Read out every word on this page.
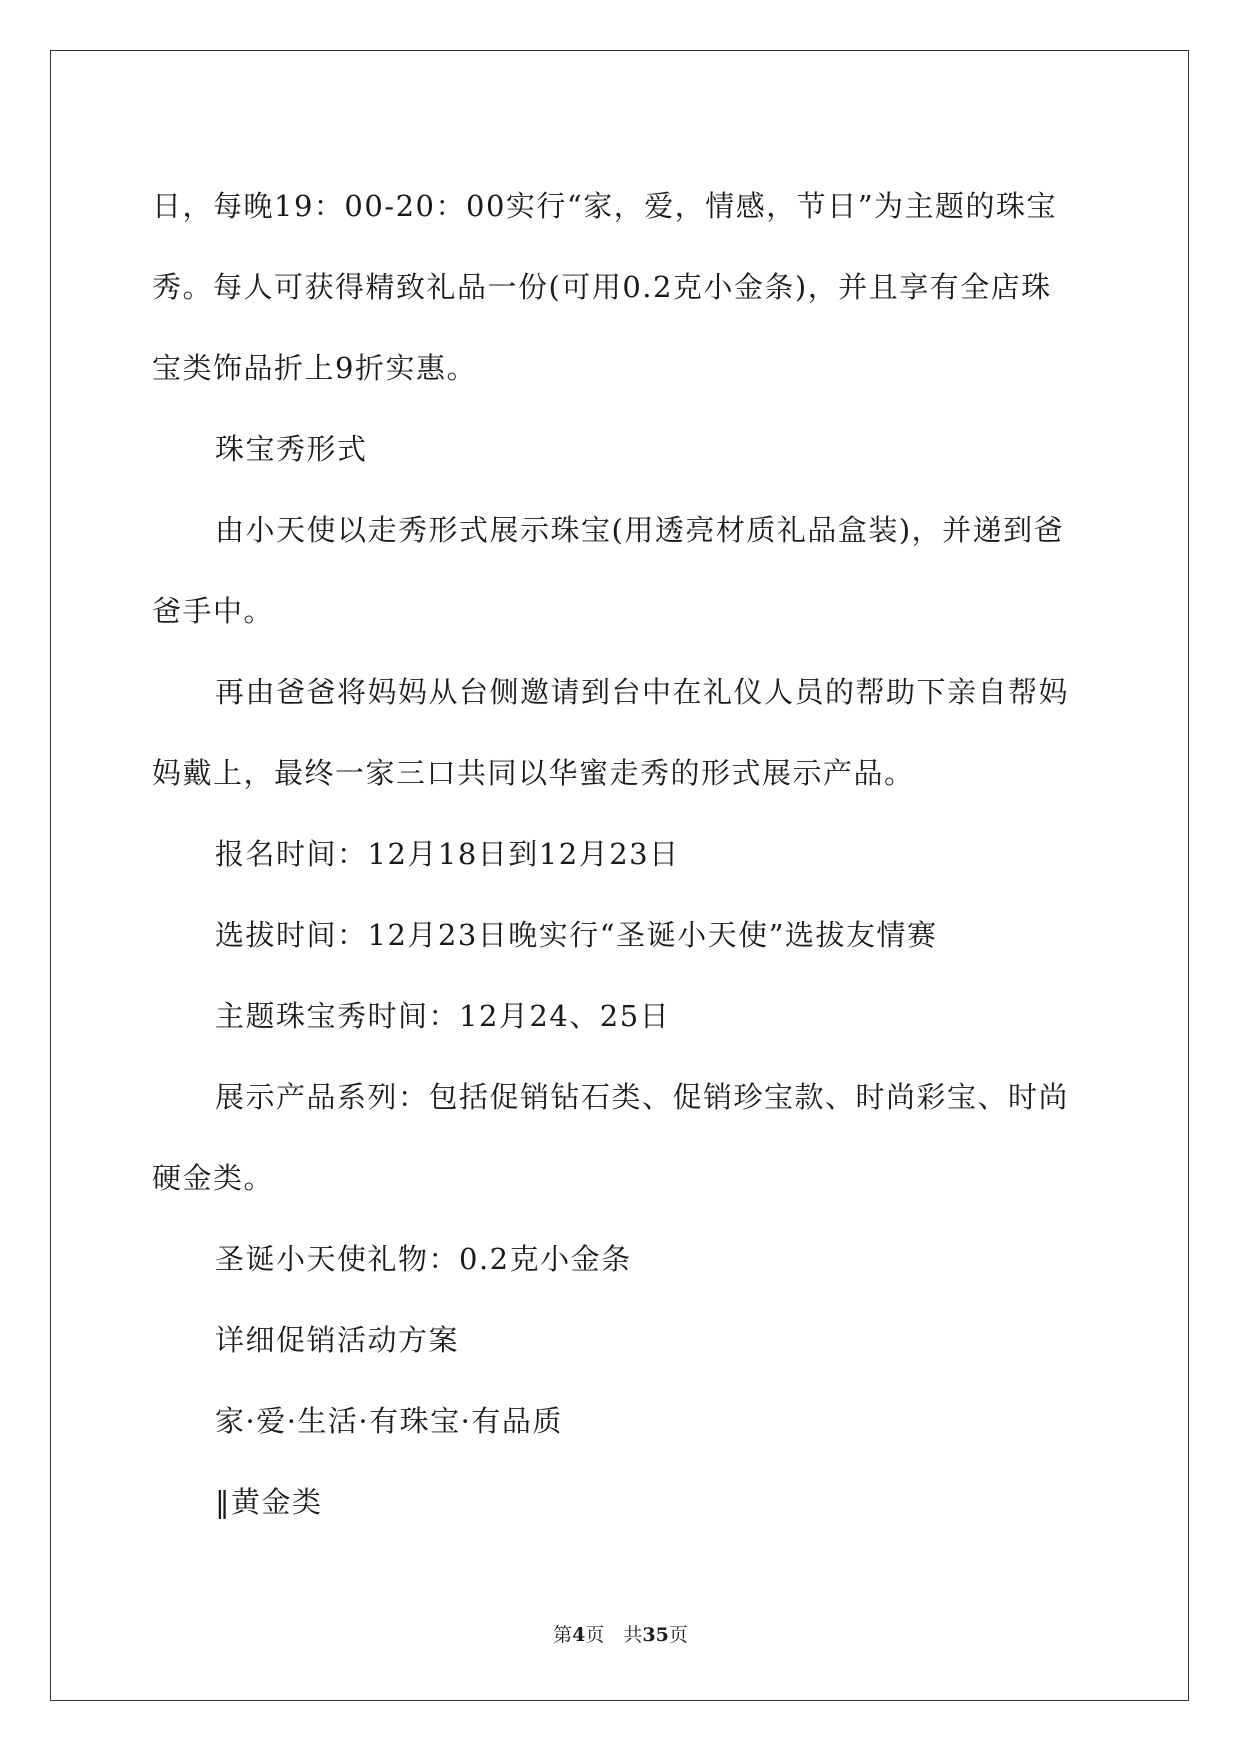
日，每晚19：00-20：00实行“家，爱，情感，节日”为主题的珠宝
秀。每人可获得精致礼品一份(可用0.2克小金条)，并且享有全店珠
宝类饰品折上9折实惠。
珠宝秀形式
由小天使以走秀形式展示珠宝(用透亮材质礼品盒装)，并递到爸
爸手中。
再由爸爸将妈妈从台侧邀请到台中在礼仪人员的帮助下亲自帮妈
妈戴上，最终一家三口共同以华蜜走秀的形式展示产品。
报名时间：12月18日到12月23日
选拔时间：12月23日晚实行“圣诞小天使”选拔友情赛
主题珠宝秀时间：12月24、25日
展示产品系列：包括促销钻石类、促销珍宝款、时尚彩宝、时尚
硬金类。
圣诞小天使礼物：0.2克小金条
详细促销活动方案
家·爱·生活·有珠宝·有品质
‖黄金类
第4页　共35页
